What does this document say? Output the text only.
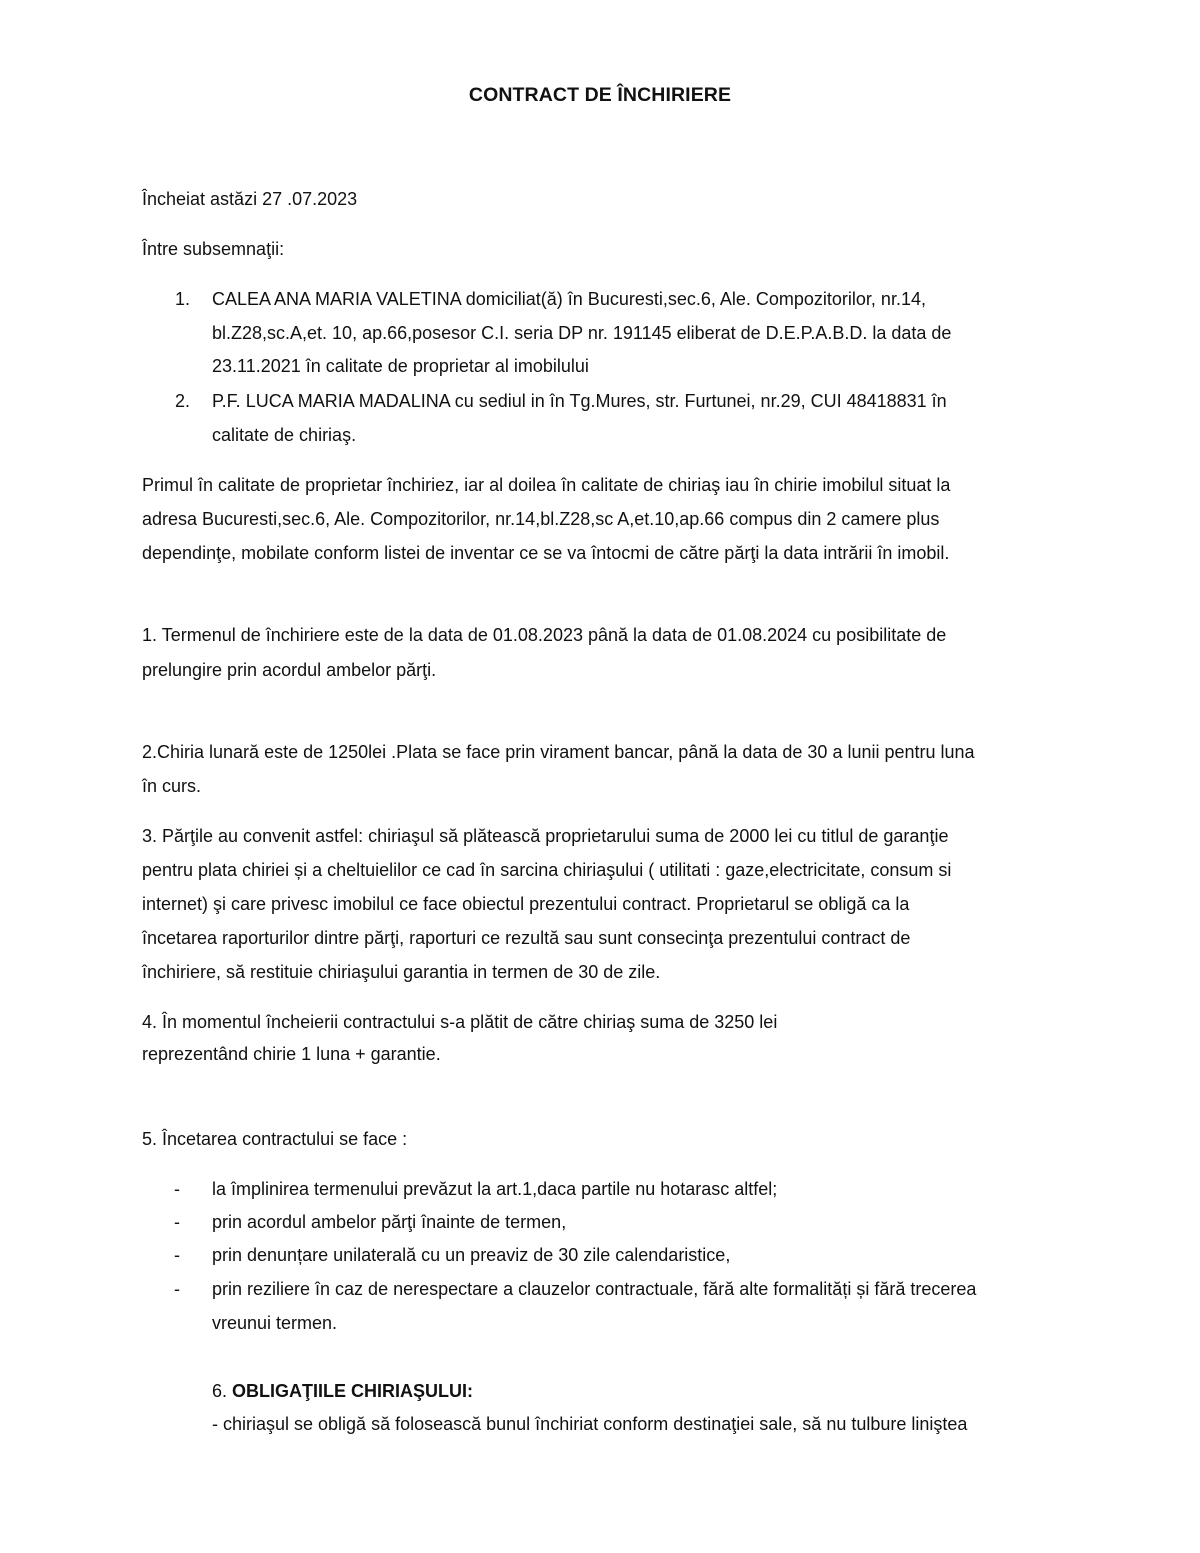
CONTRACT DE ÎNCHIRIERE
Încheiat astăzi 27 .07.2023
Între subsemnaţii:
1. CALEA ANA MARIA VALETINA domiciliat(ă) în Bucuresti,sec.6, Ale. Compozitorilor, nr.14,
bl.Z28,sc.A,et. 10, ap.66,posesor C.I. seria DP nr. 191145 eliberat de D.E.P.A.B.D. la data de
23.11.2021 în calitate de proprietar al imobilului
2. P.F. LUCA MARIA MADALINA cu sediul in în Tg.Mures, str. Furtunei, nr.29, CUI 48418831 în
calitate de chiriaş.
Primul în calitate de proprietar închiriez, iar al doilea în calitate de chiriaş iau în chirie imobilul situat la
adresa Bucuresti,sec.6, Ale. Compozitorilor, nr.14,bl.Z28,sc A,et.10,ap.66 compus din 2 camere plus
dependinţe, mobilate conform listei de inventar ce se va întocmi de către părţi la data intrării în imobil.
1. Termenul de închiriere este de la data de 01.08.2023 până la data de 01.08.2024 cu posibilitate de
prelungire prin acordul ambelor părţi.
2.Chiria lunară este de 1250lei .Plata se face prin virament bancar, până la data de 30 a lunii pentru luna
în curs.
3. Părţile au convenit astfel: chiriaşul să plătească proprietarului suma de 2000 lei cu titlul de garanţie
pentru plata chiriei și a cheltuielilor ce cad în sarcina chiriaşului ( utilitati : gaze,electricitate, consum si
internet) şi care privesc imobilul ce face obiectul prezentului contract. Proprietarul se obligă ca la
încetarea raporturilor dintre părţi, raporturi ce rezultă sau sunt consecinţa prezentului contract de
închiriere, să restituie chiriaşului garantia in termen de 30 de zile.
4. În momentul încheierii contractului s-a plătit de către chiriaş suma de 3250 lei
reprezentând chirie 1 luna + garantie.
5. Încetarea contractului se face :
- la împlinirea termenului prevăzut la art.1,daca partile nu hotarasc altfel;
- prin acordul ambelor părţi înainte de termen,
- prin denunțare unilaterală cu un preaviz de 30 zile calendaristice,
- prin reziliere în caz de nerespectare a clauzelor contractuale, fără alte formalități și fără trecerea
vreunui termen.
6. OBLIGAŢIILE CHIRIAŞULUI:
- chiriaşul se obligă să folosească bunul închiriat conform destinaţiei sale, să nu tulbure liniştea
